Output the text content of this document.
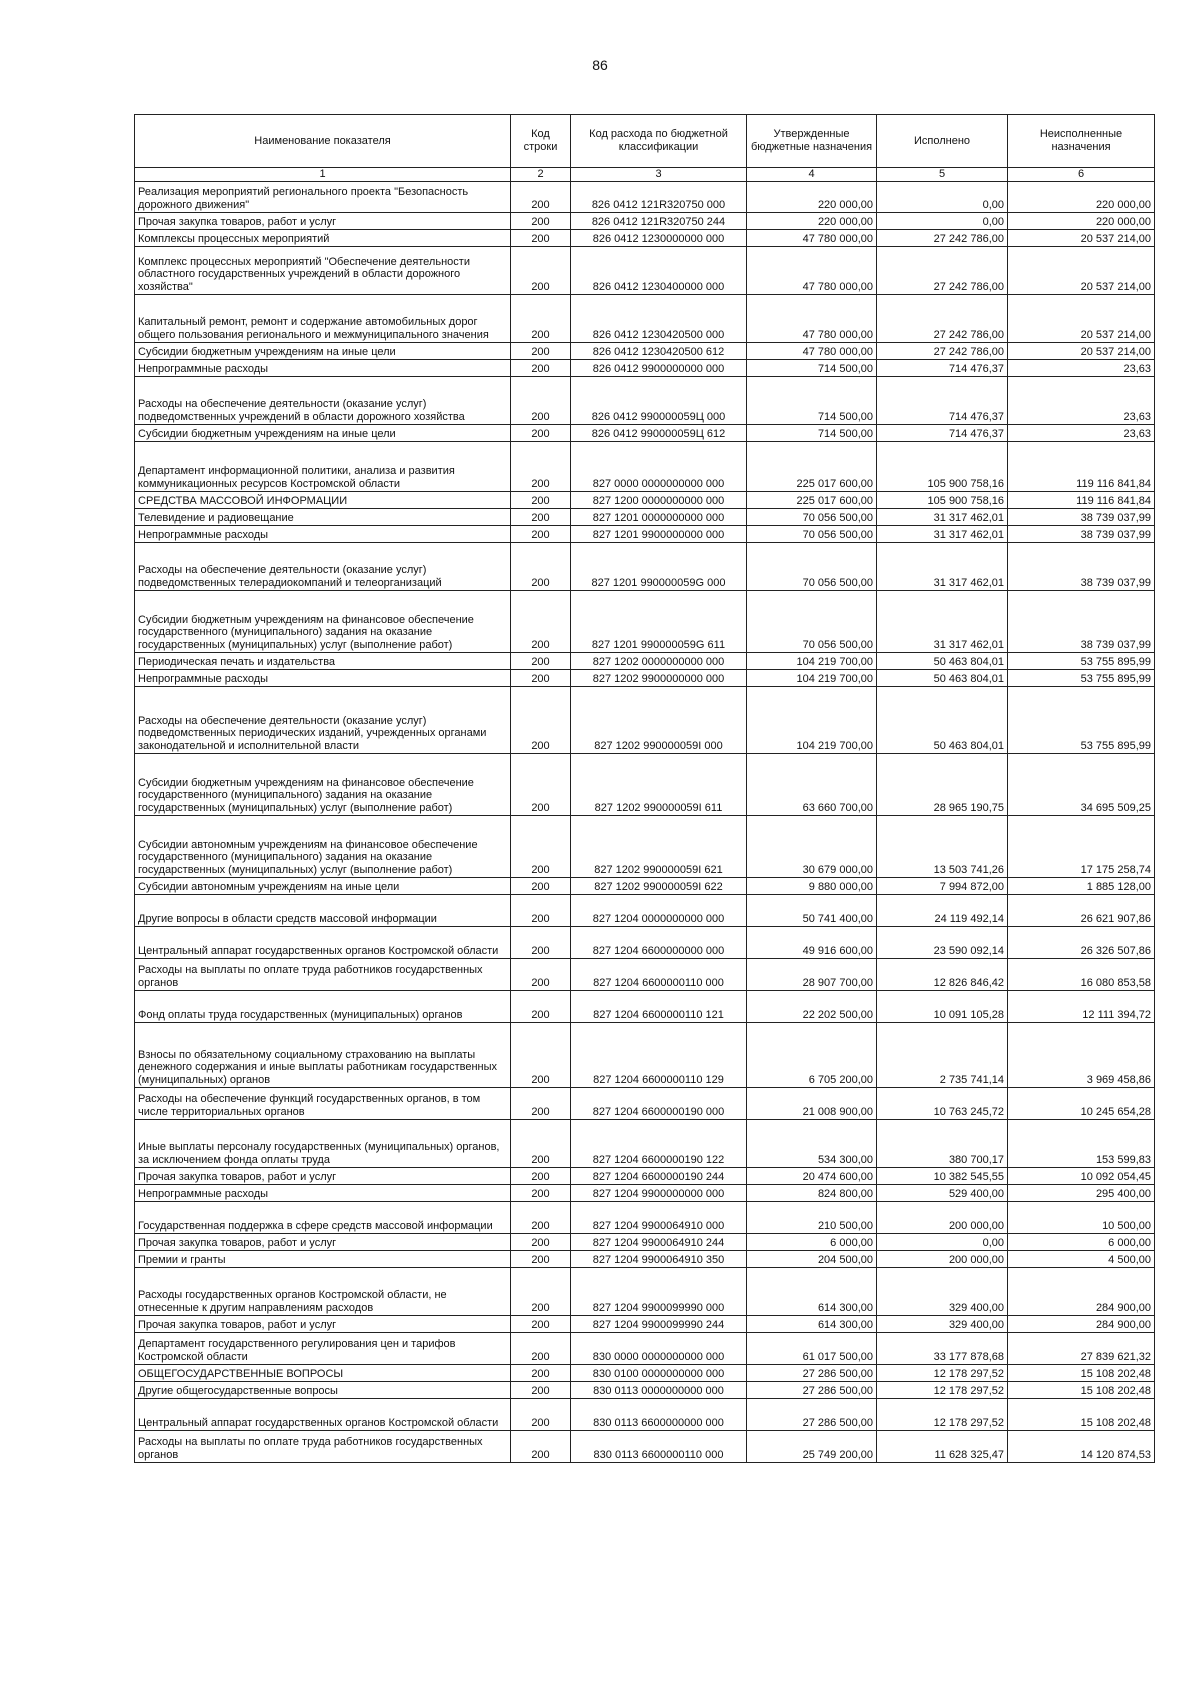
86
Наименование показателя	Код строки	Код расхода по бюджетной классификации	Утвержденные бюджетные назначения	Исполнено	Неисполненные назначения
1	2	3	4	5	6
Реализация мероприятий регионального проекта "Безопасность дорожного движения"	200	826 0412 121R320750 000	220 000,00	0,00	220 000,00
Прочая закупка товаров, работ и услуг	200	826 0412 121R320750 244	220 000,00	0,00	220 000,00
Комплексы процессных мероприятий	200	826 0412 1230000000 000	47 780 000,00	27 242 786,00	20 537 214,00
Комплекс процессных мероприятий "Обеспечение деятельности областного государственных учреждений в области дорожного хозяйства"	200	826 0412 1230400000 000	47 780 000,00	27 242 786,00	20 537 214,00
Капитальный ремонт, ремонт и содержание автомобильных дорог общего пользования регионального и межмуниципального значения	200	826 0412 1230420500 000	47 780 000,00	27 242 786,00	20 537 214,00
Субсидии бюджетным учреждениям на иные цели	200	826 0412 1230420500 612	47 780 000,00	27 242 786,00	20 537 214,00
Непрограммные расходы	200	826 0412 9900000000 000	714 500,00	714 476,37	23,63
Расходы на обеспечение деятельности (оказание услуг) подведомственных учреждений в области дорожного хозяйства	200	826 0412 990000059Ц 000	714 500,00	714 476,37	23,63
Субсидии бюджетным учреждениям на иные цели	200	826 0412 990000059Ц 612	714 500,00	714 476,37	23,63
Департамент информационной политики, анализа и развития коммуникационных ресурсов Костромской области	200	827 0000 0000000000 000	225 017 600,00	105 900 758,16	119 116 841,84
СРЕДСТВА МАССОВОЙ ИНФОРМАЦИИ	200	827 1200 0000000000 000	225 017 600,00	105 900 758,16	119 116 841,84
Телевидение и радиовещание	200	827 1201 0000000000 000	70 056 500,00	31 317 462,01	38 739 037,99
Непрограммные расходы	200	827 1201 9900000000 000	70 056 500,00	31 317 462,01	38 739 037,99
Расходы на обеспечение деятельности (оказание услуг) подведомственных телерадиокомпаний и телеорганизаций	200	827 1201 990000059G 000	70 056 500,00	31 317 462,01	38 739 037,99
Субсидии бюджетным учреждениям на финансовое обеспечение государственного (муниципального) задания на оказание государственных (муниципальных) услуг (выполнение работ)	200	827 1201 990000059G 611	70 056 500,00	31 317 462,01	38 739 037,99
Периодическая печать и издательства	200	827 1202 0000000000 000	104 219 700,00	50 463 804,01	53 755 895,99
Непрограммные расходы	200	827 1202 9900000000 000	104 219 700,00	50 463 804,01	53 755 895,99
Расходы на обеспечение деятельности (оказание услуг) подведомственных периодических изданий, учрежденных органами законодательной и исполнительной власти	200	827 1202 990000059I 000	104 219 700,00	50 463 804,01	53 755 895,99
Субсидии бюджетным учреждениям на финансовое обеспечение государственного (муниципального) задания на оказание государственных (муниципальных) услуг (выполнение работ)	200	827 1202 990000059I 611	63 660 700,00	28 965 190,75	34 695 509,25
Субсидии автономным учреждениям на финансовое обеспечение государственного (муниципального) задания на оказание государственных (муниципальных) услуг (выполнение работ)	200	827 1202 990000059I 621	30 679 000,00	13 503 741,26	17 175 258,74
Субсидии автономным учреждениям на иные цели	200	827 1202 990000059I 622	9 880 000,00	7 994 872,00	1 885 128,00
Другие вопросы в области средств массовой информации	200	827 1204 0000000000 000	50 741 400,00	24 119 492,14	26 621 907,86
Центральный аппарат государственных органов Костромской области	200	827 1204 6600000000 000	49 916 600,00	23 590 092,14	26 326 507,86
Расходы на выплаты по оплате труда работников государственных органов	200	827 1204 6600000110 000	28 907 700,00	12 826 846,42	16 080 853,58
Фонд оплаты труда государственных (муниципальных) органов	200	827 1204 6600000110 121	22 202 500,00	10 091 105,28	12 111 394,72
Взносы по обязательному социальному страхованию на выплаты денежного содержания и иные выплаты работникам государственных (муниципальных) органов	200	827 1204 6600000110 129	6 705 200,00	2 735 741,14	3 969 458,86
Расходы на обеспечение функций государственных органов, в том числе территориальных органов	200	827 1204 6600000190 000	21 008 900,00	10 763 245,72	10 245 654,28
Иные выплаты персоналу государственных (муниципальных) органов, за исключением фонда оплаты труда	200	827 1204 6600000190 122	534 300,00	380 700,17	153 599,83
Прочая закупка товаров, работ и услуг	200	827 1204 6600000190 244	20 474 600,00	10 382 545,55	10 092 054,45
Непрограммные расходы	200	827 1204 9900000000 000	824 800,00	529 400,00	295 400,00
Государственная поддержка в сфере средств массовой информации	200	827 1204 9900064910 000	210 500,00	200 000,00	10 500,00
Прочая закупка товаров, работ и услуг	200	827 1204 9900064910 244	6 000,00	0,00	6 000,00
Премии и гранты	200	827 1204 9900064910 350	204 500,00	200 000,00	4 500,00
Расходы государственных органов Костромской области, не отнесенные к другим направлениям расходов	200	827 1204 9900099990 000	614 300,00	329 400,00	284 900,00
Прочая закупка товаров, работ и услуг	200	827 1204 9900099990 244	614 300,00	329 400,00	284 900,00
Департамент государственного регулирования цен и тарифов Костромской области	200	830 0000 0000000000 000	61 017 500,00	33 177 878,68	27 839 621,32
ОБЩЕГОСУДАРСТВЕННЫЕ ВОПРОСЫ	200	830 0100 0000000000 000	27 286 500,00	12 178 297,52	15 108 202,48
Другие общегосударственные вопросы	200	830 0113 0000000000 000	27 286 500,00	12 178 297,52	15 108 202,48
Центральный аппарат государственных органов Костромской области	200	830 0113 6600000000 000	27 286 500,00	12 178 297,52	15 108 202,48
Расходы на выплаты по оплате труда работников государственных органов	200	830 0113 6600000110 000	25 749 200,00	11 628 325,47	14 120 874,53
